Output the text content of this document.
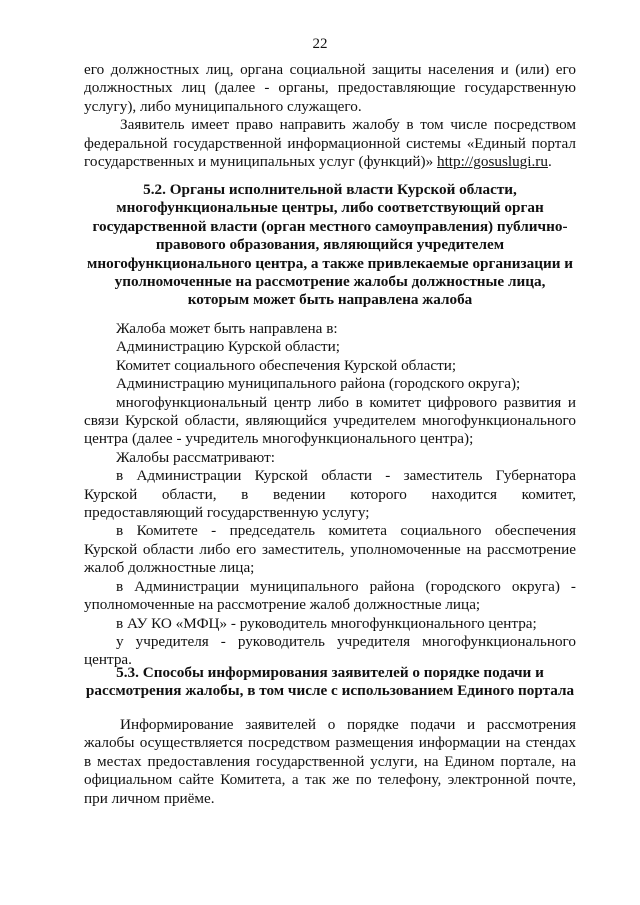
22
его должностных лиц, органа социальной защиты населения и (или) его
должностных лиц (далее - органы, предоставляющие государственную
услугу), либо муниципального служащего.
Заявитель имеет право направить жалобу в том числе посредством
федеральной государственной информационной системы «Единый портал
государственных и муниципальных услуг (функций)» http://gosuslugi.ru.
5.2. Органы исполнительной власти Курской области,
многофункциональные центры, либо соответствующий орган
государственной власти (орган местного самоуправления) публично-
правового образования, являющийся учредителем
многофункционального центра, а также привлекаемые организации и
уполномоченные на рассмотрение жалобы должностные лица,
которым может быть направлена жалоба
Жалоба может быть направлена в:
Администрацию Курской области;
Комитет социального обеспечения Курской области;
Администрацию муниципального района (городского округа);
многофункциональный центр либо в комитет цифрового развития и
связи Курской области, являющийся учредителем многофункционального
центра (далее - учредитель многофункционального центра);
Жалобы рассматривают:
в Администрации Курской области - заместитель Губернатора
Курской области, в ведении которого находится комитет,
предоставляющий государственную услугу;
в Комитете - председатель комитета социального обеспечения
Курской области либо его заместитель, уполномоченные на рассмотрение
жалоб должностные лица;
в Администрации муниципального района (городского округа) -
уполномоченные на рассмотрение жалоб должностные лица;
в АУ КО «МФЦ» - руководитель многофункционального центра;
у учредителя - руководитель учредителя многофункционального
центра.
5.3. Способы информирования заявителей о порядке подачи и
рассмотрения жалобы, в том числе с использованием Единого портала
Информирование заявителей о порядке подачи и рассмотрения
жалобы осуществляется посредством размещения информации на стендах
в местах предоставления государственной услуги, на Едином портале, на
официальном сайте Комитета, а так же по телефону, электронной почте,
при личном приёме.
